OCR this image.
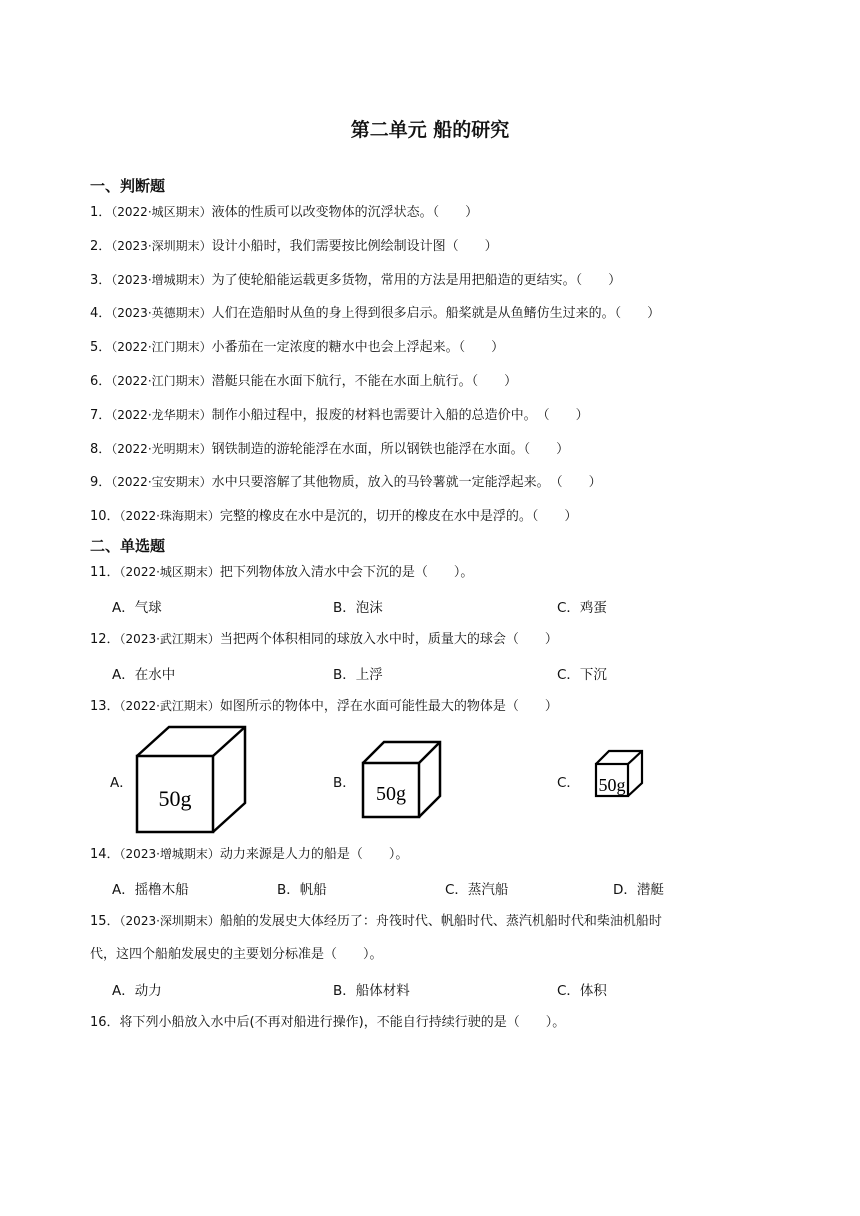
第二单元 船的研究
一、判断题
1．（2022·城区期末）液体的性质可以改变物体的沉浮状态。（　　）
2．（2023·深圳期末）设计小船时，我们需要按比例绘制设计图（　　）
3．（2023·增城期末）为了使轮船能运载更多货物，常用的方法是用把船造的更结实。（　　）
4．（2023·英德期末）人们在造船时从鱼的身上得到很多启示。船桨就是从鱼鳍仿生过来的。（　　）
5．（2022·江门期末）小番茄在一定浓度的糖水中也会上浮起来。（　　）
6．（2022·江门期末）潜艇只能在水面下航行，不能在水面上航行。（　　）
7．（2022·龙华期末）制作小船过程中，报废的材料也需要计入船的总造价中。　（　　）
8．（2022·光明期末）钢铁制造的游轮能浮在水面，所以钢铁也能浮在水面。（　　）
9．（2022·宝安期末）水中只要溶解了其他物质，放入的马铃薯就一定能浮起来。　（　　）
10．（2022·珠海期末）完整的橡皮在水中是沉的，切开的橡皮在水中是浮的。（　　）
二、单选题
11．（2022·城区期末）把下列物体放入清水中会下沉的是（　　）。
A．气球	B．泡沫	C．鸡蛋
12．（2023·武江期末）当把两个体积相同的球放入水中时，质量大的球会（　　）
A．在水中	B．上浮	C．下沉
13．（2022·武江期末）如图所示的物体中，浮在水面可能性最大的物体是（　　）
A．
50g
B． 50g	C． 50g
14．（2023·增城期末）动力来源是人力的船是（　　）。
A．摇橹木船	B．帆船	C．蒸汽船	D．潜艇
15．（2023·深圳期末）船舶的发展史大体经历了：舟筏时代、帆船时代、蒸汽机船时代和柴油机船时
代，这四个船舶发展史的主要划分标准是（　　）。
A．动力	B．船体材料	C．体积
16．将下列小船放入水中后(不再对船进行操作)，不能自行持续行驶的是（　　）。
